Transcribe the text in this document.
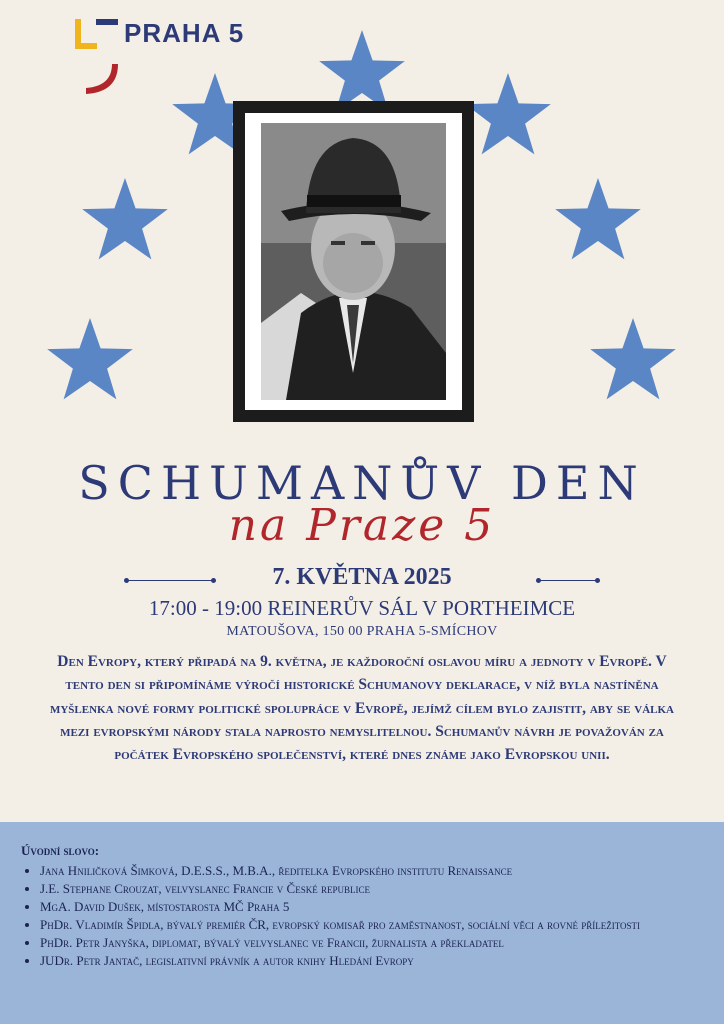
PRAHA 5
SCHUMANŮV DEN
na Praze 5
7. KVĚTNA 2025
17:00 - 19:00 REINERŮV SÁL V PORTHEIMCE
MATOUŠOVA, 150 00 PRAHA 5-SMÍCHOV
Den Evropy, který připadá na 9. května, je každoroční oslavou míru a jednoty v Evropě. V tento den si připomínáme výročí historické Schumanovy deklarace, v níž byla nastíněna myšlenka nové formy politické spolupráce v Evropě, jejímž cílem bylo zajistit, aby se válka mezi evropskými národy stala naprosto nemyslitelnou. Schumanův návrh je považován za počátek Evropského společenství, které dnes známe jako Evropskou unii.
Úvodní slovo:
• Jana Hniličková Šimková, D.E.S.S., M.B.A., ředitelka Evropského institutu Renaissance
• J.E. Stephane Crouzat, velvyslanec Francie v České republice
• MgA. David Dušek, místostarosta MČ Praha 5
• PhDr. Vladimír Špidla, bývalý premiér ČR, evropský komisař pro zaměstnanost, sociální věci a rovné příležitosti
• PhDr. Petr Janyška, diplomat, bývalý velvyslanec ve Francii, žurnalista a překladatel
• JUDr. Petr Jantač, legislativní právník a autor knihy Hledání Evropy
